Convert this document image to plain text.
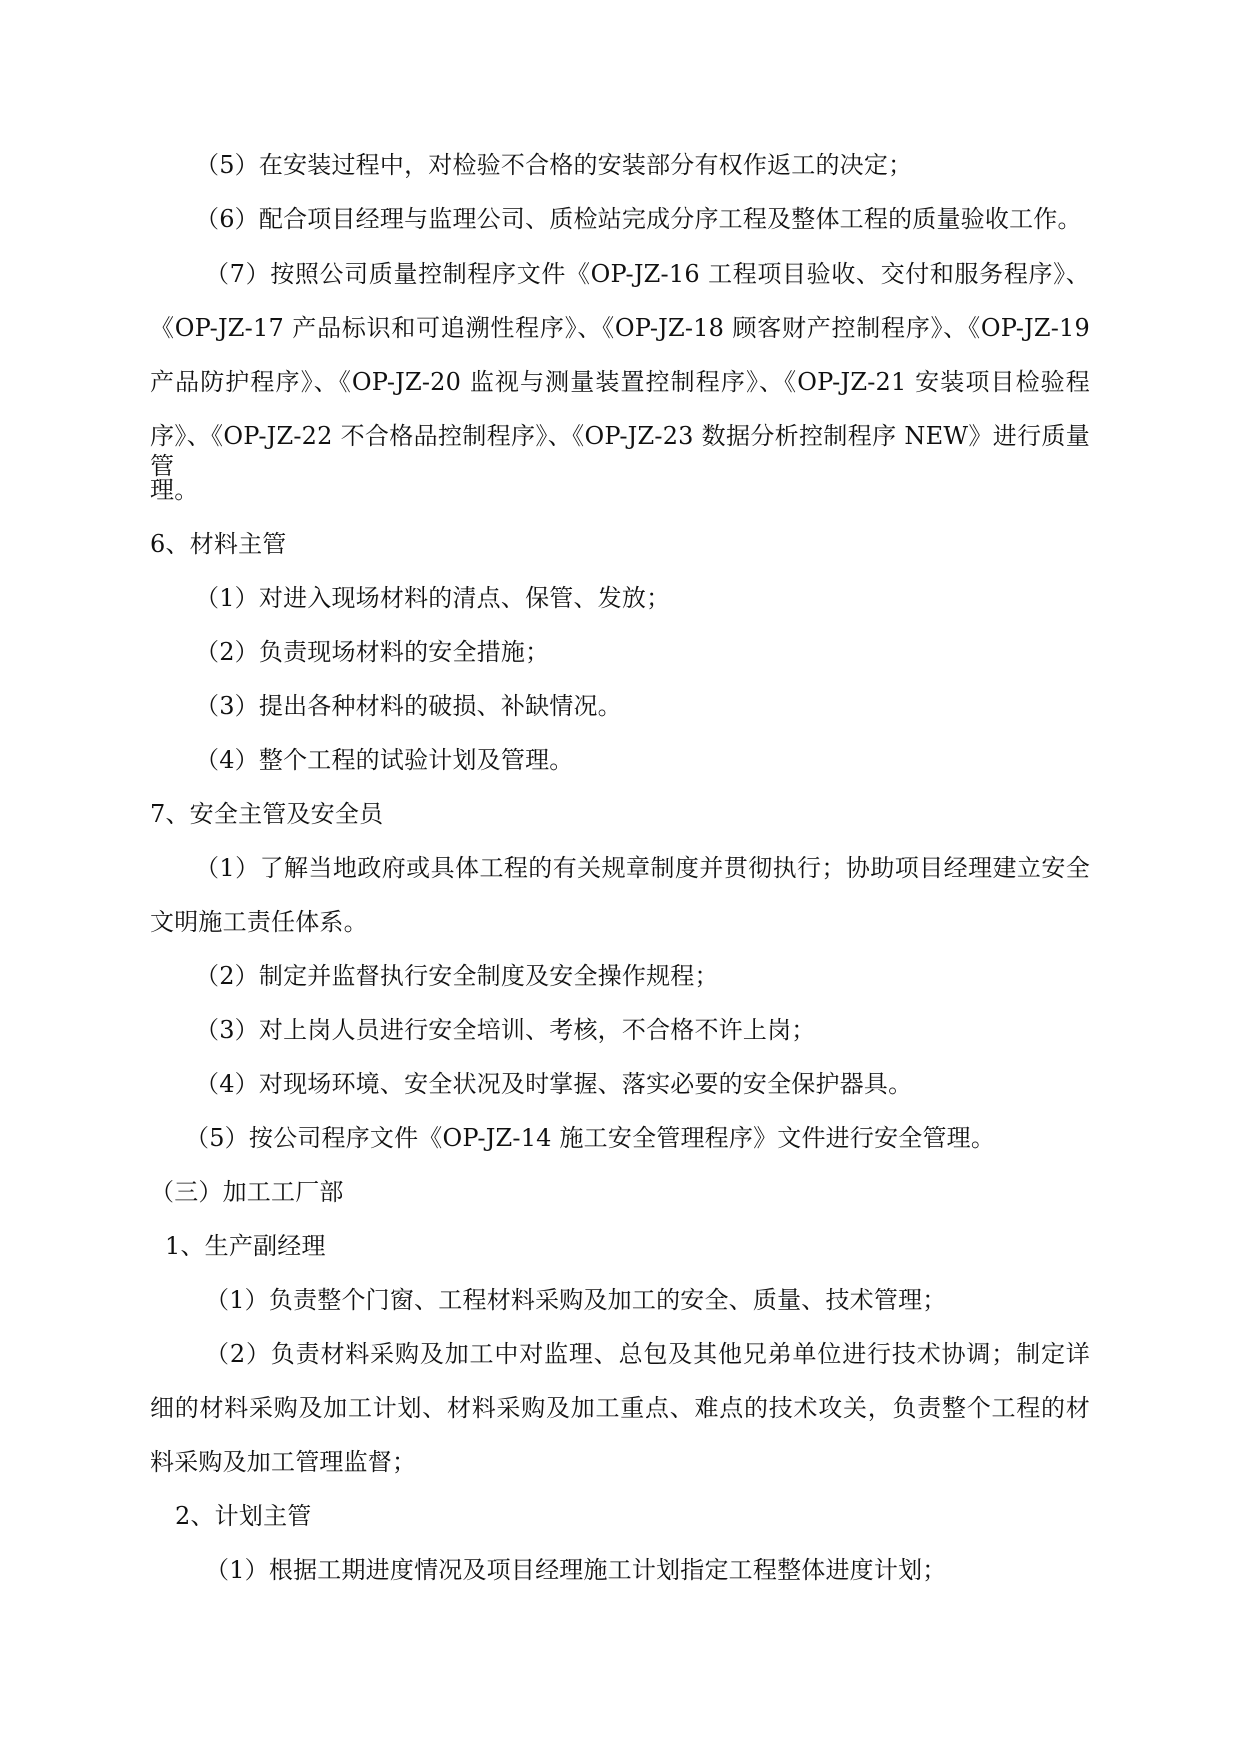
（5）在安装过程中，对检验不合格的安装部分有权作返工的决定；
（6）配合项目经理与监理公司、质检站完成分序工程及整体工程的质量验收工作。
（7）按照公司质量控制程序文件《OP-JZ-16 工程项目验收、交付和服务程序》、
《OP-JZ-17 产品标识和可追溯性程序》、《OP-JZ-18 顾客财产控制程序》、《OP-JZ-19
产品防护程序》、《OP-JZ-20 监视与测量装置控制程序》、《OP-JZ-21 安装项目检验程
序》、《OP-JZ-22 不合格品控制程序》、《OP-JZ-23 数据分析控制程序 NEW》进行质量管
理。
6、材料主管
（1）对进入现场材料的清点、保管、发放；
（2）负责现场材料的安全措施；
（3）提出各种材料的破损、补缺情况。
（4）整个工程的试验计划及管理。
7、安全主管及安全员
（1）了解当地政府或具体工程的有关规章制度并贯彻执行；协助项目经理建立安全
文明施工责任体系。
（2）制定并监督执行安全制度及安全操作规程；
（3）对上岗人员进行安全培训、考核，不合格不许上岗；
（4）对现场环境、安全状况及时掌握、落实必要的安全保护器具。
（5）按公司程序文件《OP-JZ-14 施工安全管理程序》文件进行安全管理。
（三）加工工厂部
1、生产副经理
（1）负责整个门窗、工程材料采购及加工的安全、质量、技术管理；
（2）负责材料采购及加工中对监理、总包及其他兄弟单位进行技术协调；制定详
细的材料采购及加工计划、材料采购及加工重点、难点的技术攻关，负责整个工程的材
料采购及加工管理监督；
2、计划主管
（1）根据工期进度情况及项目经理施工计划指定工程整体进度计划；
